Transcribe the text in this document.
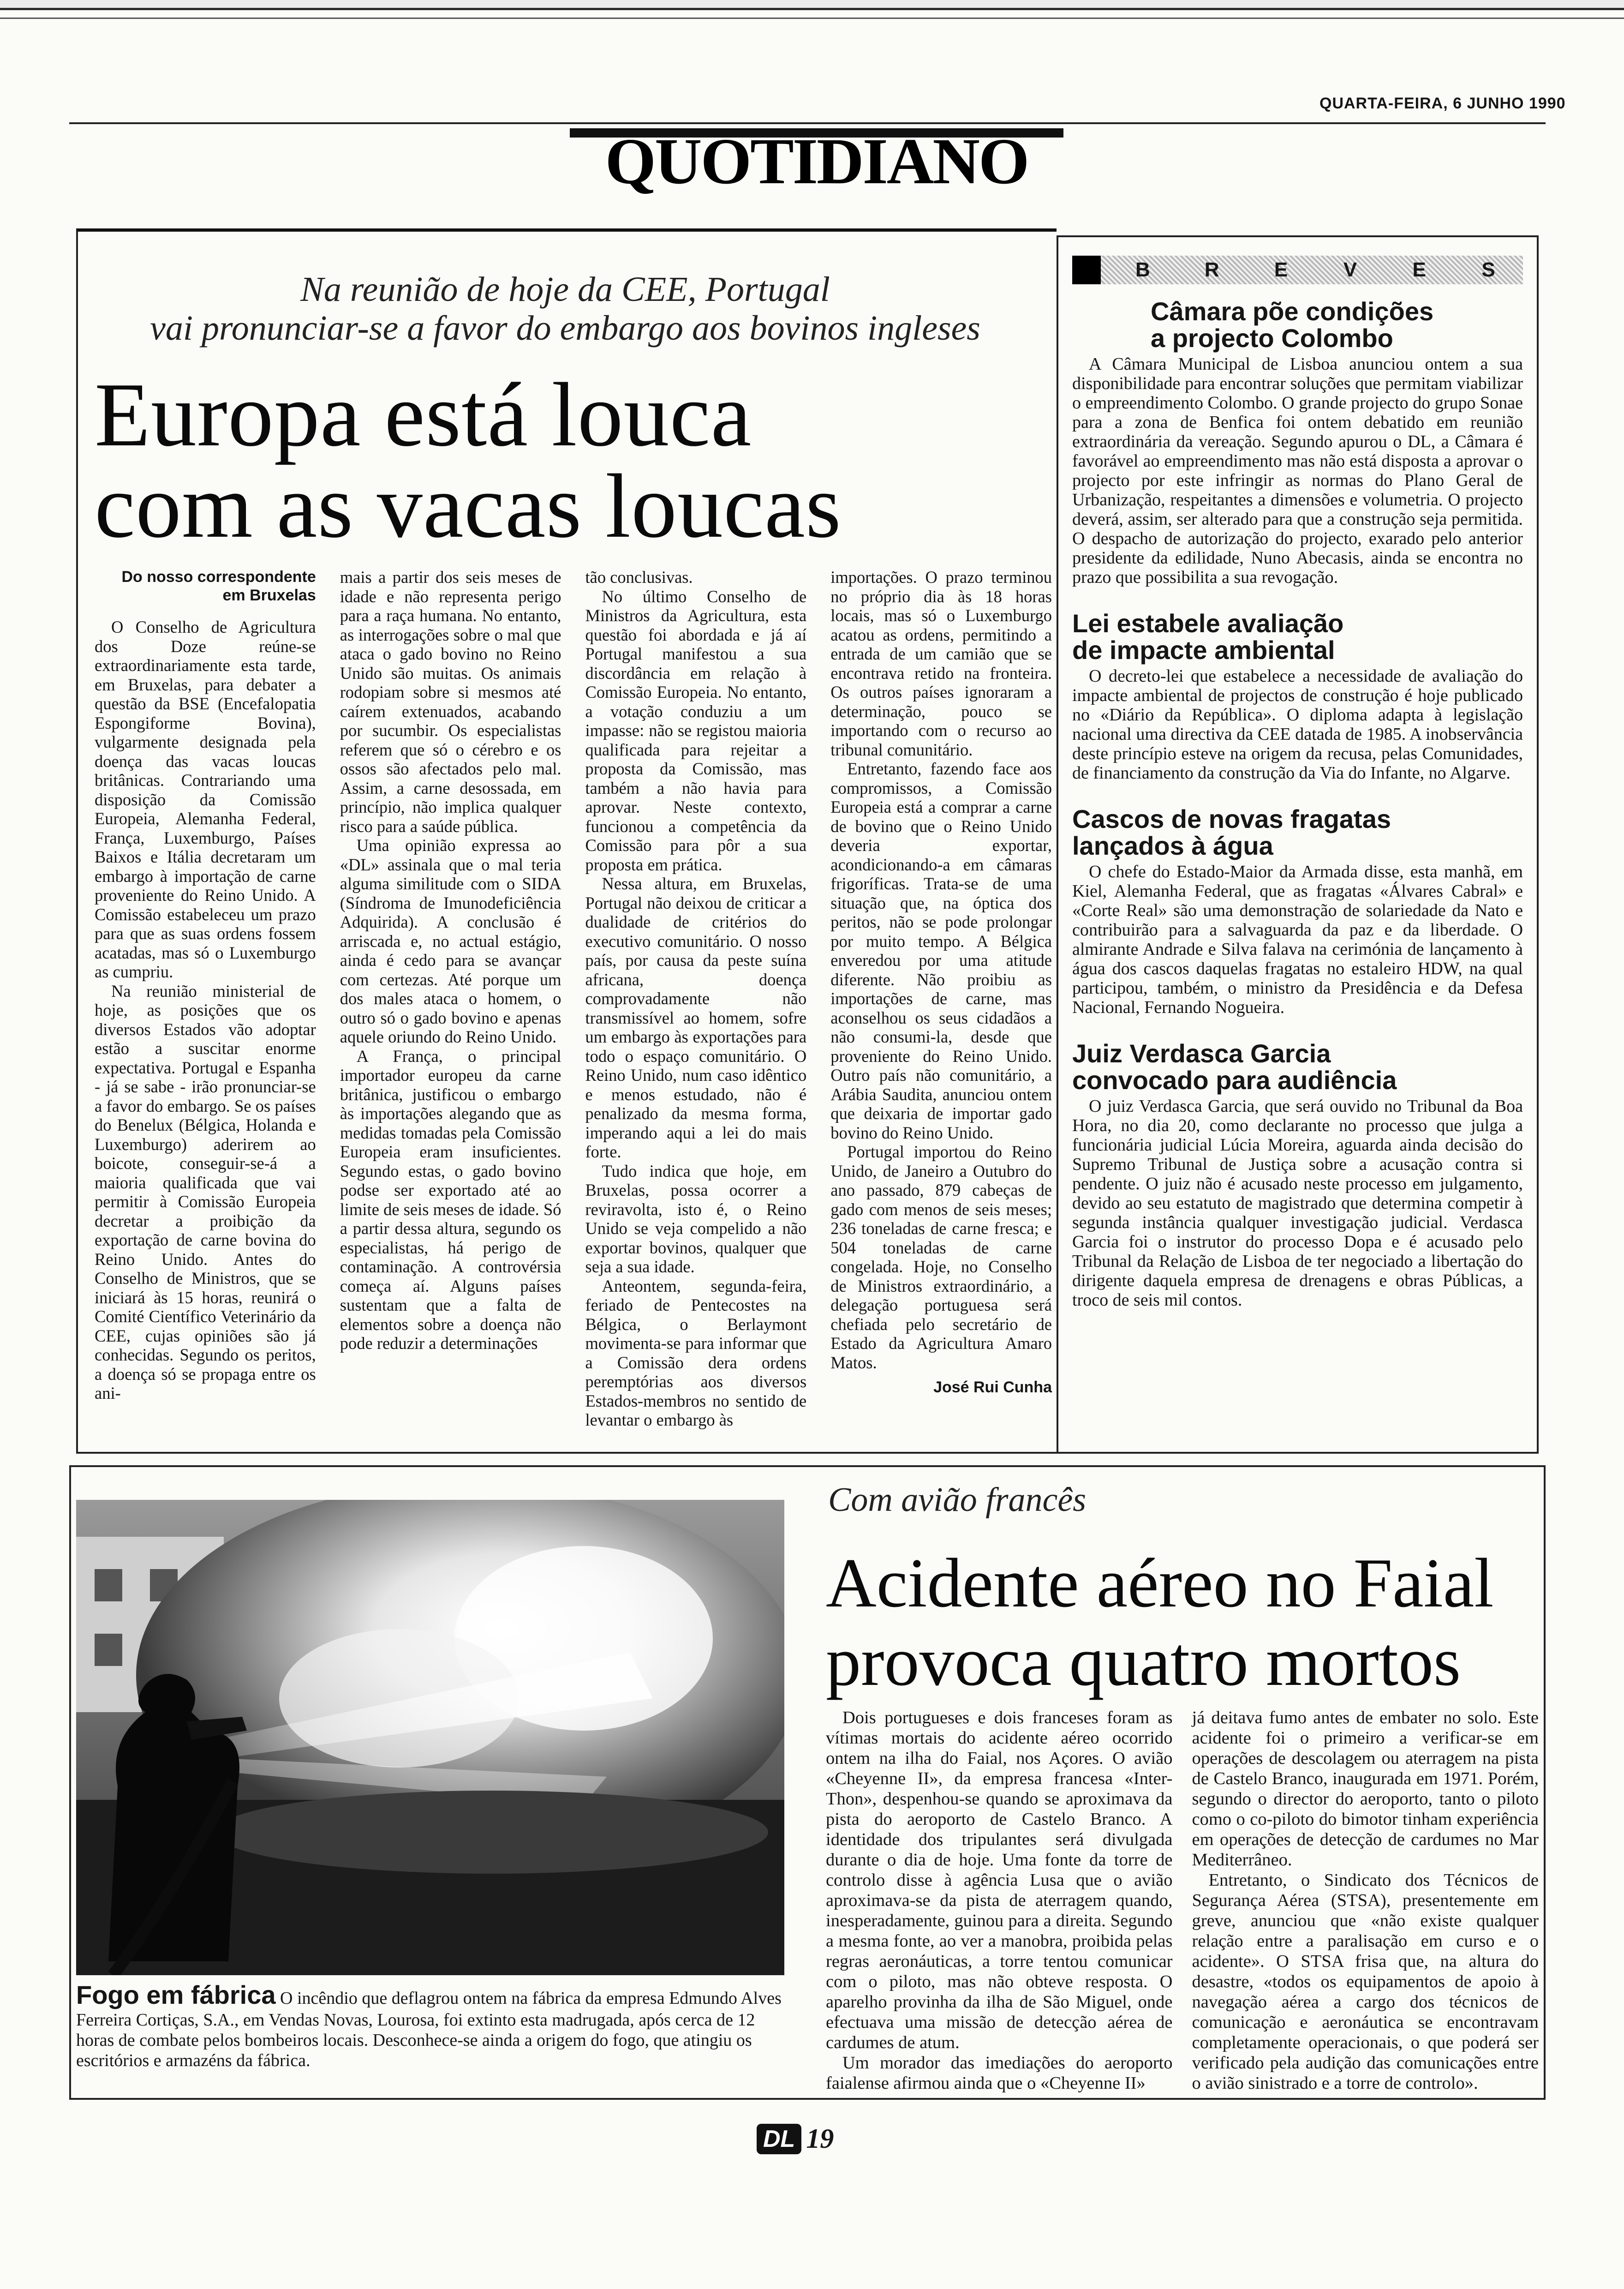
QUARTA-FEIRA, 6 JUNHO 1990
QUOTIDIANO
Na reunião de hoje da CEE, Portugal
vai pronunciar-se a favor do embargo aos bovinos ingleses
Europa está louca
com as vacas loucas
Do nosso correspondente em Bruxelas

O Conselho de Agricultura dos Doze reúne-se extraordinariamente esta tarde, em Bruxelas, para debater a questão da BSE (Encefalopatia Espongiforme Bovina), vulgarmente designada pela doença das vacas loucas britânicas. Contrariando uma disposição da Comissão Europeia, Alemanha Federal, França, Luxemburgo, Países Baixos e Itália decretaram um embargo à importação de carne proveniente do Reino Unido. A Comissão estabeleceu um prazo para que as suas ordens fossem acatadas, mas só o Luxemburgo as cumpriu.

Na reunião ministerial de hoje, as posições que os diversos Estados vão adoptar estão a suscitar enorme expectativa. Portugal e Espanha - já se sabe - irão pronunciar-se a favor do embargo. Se os países do Benelux (Bélgica, Holanda e Luxemburgo) aderirem ao boicote, conseguir-se-á a maioria qualificada que vai permitir à Comissão Europeia decretar a proibição da exportação de carne bovina do Reino Unido. Antes do Conselho de Ministros, que se iniciará às 15 horas, reunirá o Comité Científico Veterinário da CEE, cujas opiniões são já conhecidas. Segundo os peritos, a doença só se propaga entre os ani-

mais a partir dos seis meses de idade e não representa perigo para a raça humana. No entanto, as interrogações sobre o mal que ataca o gado bovino no Reino Unido são muitas. Os animais rodopiam sobre si mesmos até caírem extenuados, acabando por sucumbir. Os especialistas referem que só o cérebro e os ossos são afectados pelo mal. Assim, a carne desossada, em princípio, não implica qualquer risco para a saúde pública.

Uma opinião expressa ao «DL» assinala que o mal teria alguma similitude com o SIDA (Síndroma de Imunodeficiência Adquirida). A conclusão é arriscada e, no actual estágio, ainda é cedo para se avançar com certezas. Até porque um dos males ataca o homem, o outro só o gado bovino e apenas aquele oriundo do Reino Unido.

A França, o principal importador europeu da carne britânica, justificou o embargo às importações alegando que as medidas tomadas pela Comissão Europeia eram insuficientes. Segundo estas, o gado bovino podse ser exportado até ao limite de seis meses de idade. Só a partir dessa altura, segundo os especialistas, há perigo de contaminação. A controvérsia começa aí. Alguns países sustentam que a falta de elementos sobre a doença não pode reduzir a determinações

tão conclusivas.

No último Conselho de Ministros da Agricultura, esta questão foi abordada e já aí Portugal manifestou a sua discordância em relação à Comissão Europeia. No entanto, a votação conduziu a um impasse: não se registou maioria qualificada para rejeitar a proposta da Comissão, mas também a não havia para aprovar. Neste contexto, funcionou a competência da Comissão para pôr a sua proposta em prática.

Nessa altura, em Bruxelas, Portugal não deixou de criticar a dualidade de critérios do executivo comunitário. O nosso país, por causa da peste suína africana, doença comprovadamente não transmissível ao homem, sofre um embargo às exportações para todo o espaço comunitário. O Reino Unido, num caso idêntico e menos estudado, não é penalizado da mesma forma, imperando aqui a lei do mais forte.

Tudo indica que hoje, em Bruxelas, possa ocorrer a reviravolta, isto é, o Reino Unido se veja compelido a não exportar bovinos, qualquer que seja a sua idade.

Anteontem, segunda-feira, feriado de Pentecostes na Bélgica, o Berlaymont movimenta-se para informar que a Comissão dera ordens peremptórias aos diversos Estados-membros no sentido de levantar o embargo às

importações. O prazo terminou no próprio dia às 18 horas locais, mas só o Luxemburgo acatou as ordens, permitindo a entrada de um camião que se encontrava retido na fronteira. Os outros países ignoraram a determinação, pouco se importando com o recurso ao tribunal comunitário.

Entretanto, fazendo face aos compromissos, a Comissão Europeia está a comprar a carne de bovino que o Reino Unido deveria exportar, acondicionando-a em câmaras frigoríficas. Trata-se de uma situação que, na óptica dos peritos, não se pode prolongar por muito tempo. A Bélgica enveredou por uma atitude diferente. Não proibiu as importações de carne, mas aconselhou os seus cidadãos a não consumi-la, desde que proveniente do Reino Unido. Outro país não comunitário, a Arábia Saudita, anunciou ontem que deixaria de importar gado bovino do Reino Unido.

Portugal importou do Reino Unido, de Janeiro a Outubro do ano passado, 879 cabeças de gado com menos de seis meses; 236 toneladas de carne fresca; e 504 toneladas de carne congelada. Hoje, no Conselho de Ministros extraordinário, a delegação portuguesa será chefiada pelo secretário de Estado da Agricultura Amaro Matos.

José Rui Cunha
B	R	E	V	E	S
Câmara põe condições
a projecto Colombo

A Câmara Municipal de Lisboa anunciou ontem a sua disponibilidade para encontrar soluções que permitam viabilizar o empreendimento Colombo. O grande projecto do grupo Sonae para a zona de Benfica foi ontem debatido em reunião extraordinária da vereação. Segundo apurou o DL, a Câmara é favorável ao empreendimento mas não está disposta a aprovar o projecto por este infringir as normas do Plano Geral de Urbanização, respeitantes a dimensões e volumetria. O projecto deverá, assim, ser alterado para que a construção seja permitida. O despacho de autorização do projecto, exarado pelo anterior presidente da edilidade, Nuno Abecasis, ainda se encontra no prazo que possibilita a sua revogação.

Lei estabele avaliação
de impacte ambiental

O decreto-lei que estabelece a necessidade de avaliação do impacte ambiental de projectos de construção é hoje publicado no «Diário da República». O diploma adapta à legislação nacional uma directiva da CEE datada de 1985. A inobservância deste princípio esteve na origem da recusa, pelas Comunidades, de financiamento da construção da Via do Infante, no Algarve.

Cascos de novas fragatas
lançados à água

O chefe do Estado-Maior da Armada disse, esta manhã, em Kiel, Alemanha Federal, que as fragatas «Álvares Cabral» e «Corte Real» são uma demonstração de solariedade da Nato e contribuirão para a salvaguarda da paz e da liberdade. O almirante Andrade e Silva falava na cerimónia de lançamento à água dos cascos daquelas fragatas no estaleiro HDW, na qual participou, também, o ministro da Presidência e da Defesa Nacional, Fernando Nogueira.

Juiz Verdasca Garcia
convocado para audiência

O juiz Verdasca Garcia, que será ouvido no Tribunal da Boa Hora, no dia 20, como declarante no processo que julga a funcionária judicial Lúcia Moreira, aguarda ainda decisão do Supremo Tribunal de Justiça sobre a acusação contra si pendente. O juiz não é acusado neste processo em julgamento, devido ao seu estatuto de magistrado que determina competir à segunda instância qualquer investigação judicial. Verdasca Garcia foi o instrutor do processo Dopa e é acusado pelo Tribunal da Relação de Lisboa de ter negociado a libertação do dirigente daquela empresa de drenagens e obras Públicas, a troco de seis mil contos.

Fogo em fábrica O incêndio que deflagrou ontem na fábrica da empresa Edmundo Alves Ferreira Cortiças, S.A., em Vendas Novas, Lourosa, foi extinto esta madrugada, após cerca de 12 horas de combate pelos bombeiros locais. Desconhece-se ainda a origem do fogo, que atingiu os escritórios e armazéns da fábrica.
Com avião francês
Acidente aéreo no Faial
provoca quatro mortos

Dois portugueses e dois franceses foram as vítimas mortais do acidente aéreo ocorrido ontem na ilha do Faial, nos Açores. O avião «Cheyenne II», da empresa francesa «Inter-Thon», despenhou-se quando se aproximava da pista do aeroporto de Castelo Branco. A identidade dos tripulantes será divulgada durante o dia de hoje. Uma fonte da torre de controlo disse à agência Lusa que o avião aproximava-se da pista de aterragem quando, inesperadamente, guinou para a direita. Segundo a mesma fonte, ao ver a manobra, proibida pelas regras aeronáuticas, a torre tentou comunicar com o piloto, mas não obteve resposta. O aparelho provinha da ilha de São Miguel, onde efectuava uma missão de detecção aérea de cardumes de atum.

Um morador das imediações do aeroporto faialense afirmou ainda que o «Cheyenne II»

já deitava fumo antes de embater no solo. Este acidente foi o primeiro a verificar-se em operações de descolagem ou aterragem na pista de Castelo Branco, inaugurada em 1971. Porém, segundo o director do aeroporto, tanto o piloto como o co-piloto do bimotor tinham experiência em operações de detecção de cardumes no Mar Mediterrâneo.

Entretanto, o Sindicato dos Técnicos de Segurança Aérea (STSA), presentemente em greve, anunciou que «não existe qualquer relação entre a paralisação em curso e o acidente». O STSA frisa que, na altura do desastre, «todos os equipamentos de apoio à navegação aérea a cargo dos técnicos de comunicação e aeronáutica se encontravam completamente operacionais, o que poderá ser verificado pela audição das comunicações entre o avião sinistrado e a torre de controlo».

DL 19
